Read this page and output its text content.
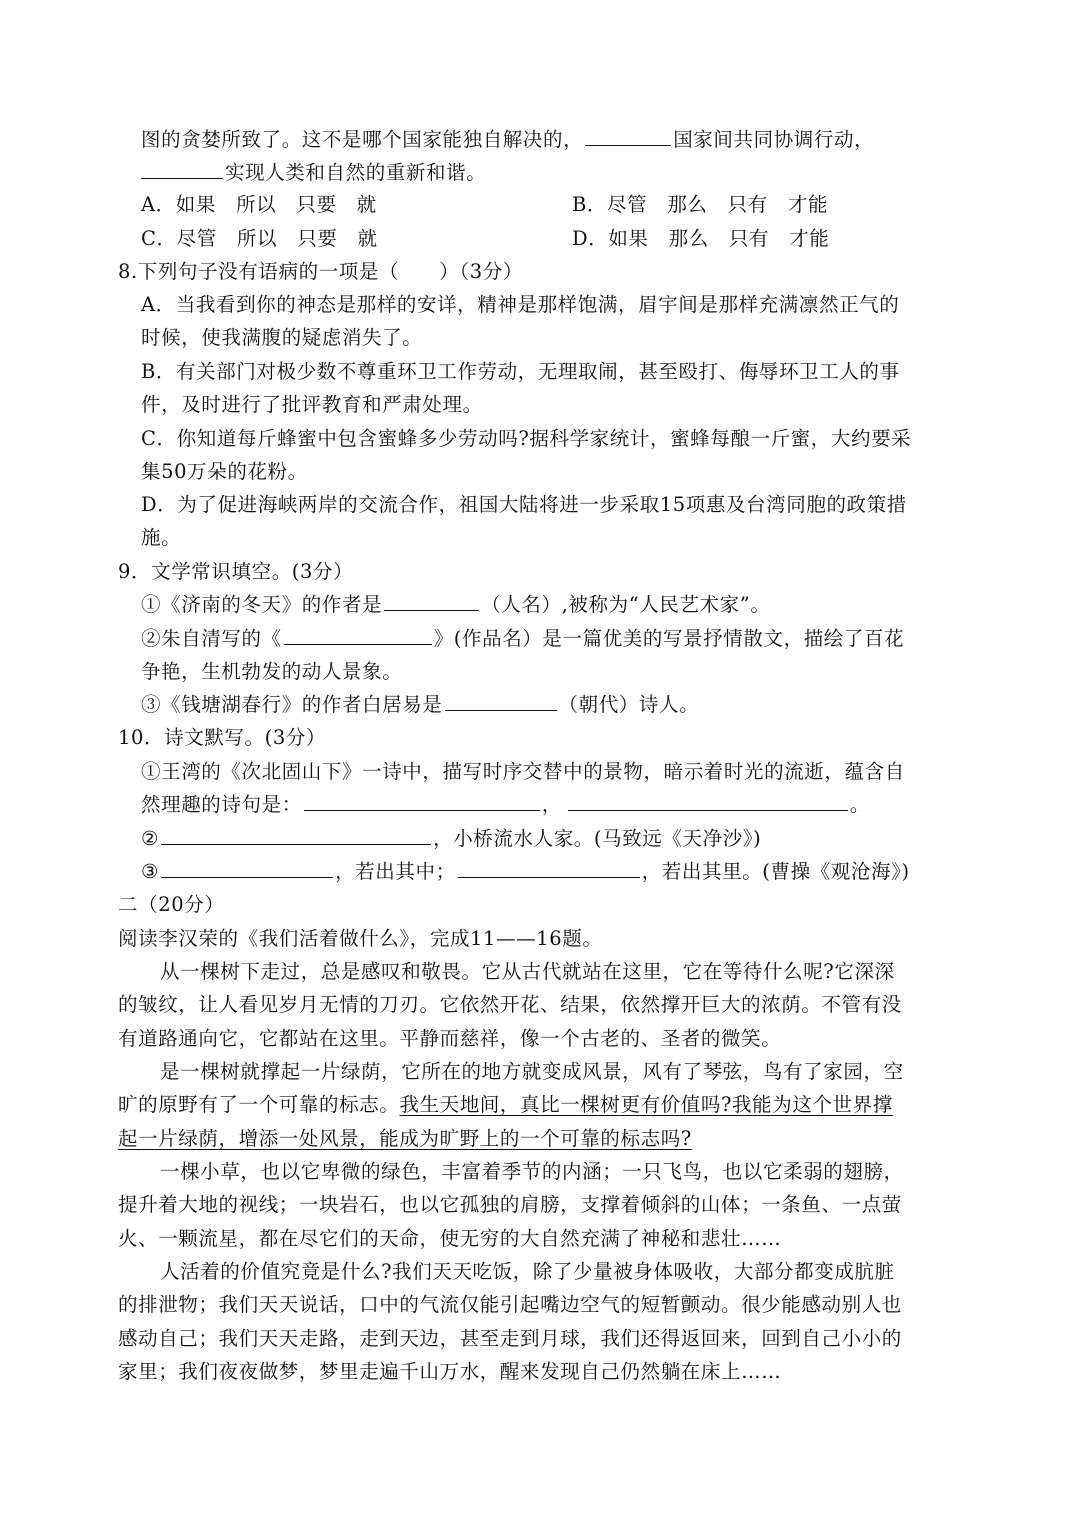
图的贪婪所致了。这不是哪个国家能独自解决的，	国家间共同协调行动，
实现人类和自然的重新和谐。
A．如果　所以　只要　就	B．尽管　那么　只有　才能
C．尽管　所以　只要　就	D．如果　那么　只有　才能
8.下列句子没有语病的一项是（　　）（3分）
A．当我看到你的神态是那样的安详，精神是那样饱满，眉宇间是那样充满凛然正气的
时候，使我满腹的疑虑消失了。
B．有关部门对极少数不尊重环卫工作劳动，无理取闹，甚至殴打、侮辱环卫工人的事
件，及时进行了批评教育和严肃处理。
C．你知道每斤蜂蜜中包含蜜蜂多少劳动吗?据科学家统计，蜜蜂每酿一斤蜜，大约要采
集50万朵的花粉。
D．为了促进海峡两岸的交流合作，祖国大陆将进一步采取15项惠及台湾同胞的政策措
施。
9．文学常识填空。(3分）
①《济南的冬天》的作者是	（人名）,被称为“人民艺术家”。
②朱自清写的《	》(作品名）是一篇优美的写景抒情散文，描绘了百花
争艳，生机勃发的动人景象。
③《钱塘湖春行》的作者白居易是	（朝代）诗人。
10．诗文默写。(3分）
①王湾的《次北固山下》一诗中，描写时序交替中的景物，暗示着时光的流逝，蕴含自
然理趣的诗句是：	，	。
②	，小桥流水人家。(马致远《天净沙》)
③	，若出其中；	，若出其里。(曹操《观沧海》)
二（20分）
阅读李汉荣的《我们活着做什么》，完成11——16题。
从一棵树下走过，总是感叹和敬畏。它从古代就站在这里，它在等待什么呢?它深深
的皱纹，让人看见岁月无情的刀刃。它依然开花、结果，依然撑开巨大的浓荫。不管有没
有道路通向它，它都站在这里。平静而慈祥，像一个古老的、圣者的微笑。
是一棵树就撑起一片绿荫，它所在的地方就变成风景，风有了琴弦，鸟有了家园，空
旷的原野有了一个可靠的标志。我生天地间，真比一棵树更有价值吗?我能为这个世界撑
起一片绿荫，增添一处风景，能成为旷野上的一个可靠的标志吗?
一棵小草，也以它卑微的绿色，丰富着季节的内涵；一只飞鸟，也以它柔弱的翅膀，
提升着大地的视线；一块岩石，也以它孤独的肩膀，支撑着倾斜的山体；一条鱼、一点萤
火、一颗流星，都在尽它们的天命，使无穷的大自然充满了神秘和悲壮……
人活着的价值究竟是什么?我们天天吃饭，除了少量被身体吸收，大部分都变成肮脏
的排泄物；我们天天说话，口中的气流仅能引起嘴边空气的短暂颤动。很少能感动别人也
感动自己；我们天天走路，走到天边，甚至走到月球，我们还得返回来，回到自己小小的
家里；我们夜夜做梦，梦里走遍千山万水，醒来发现自己仍然躺在床上……
